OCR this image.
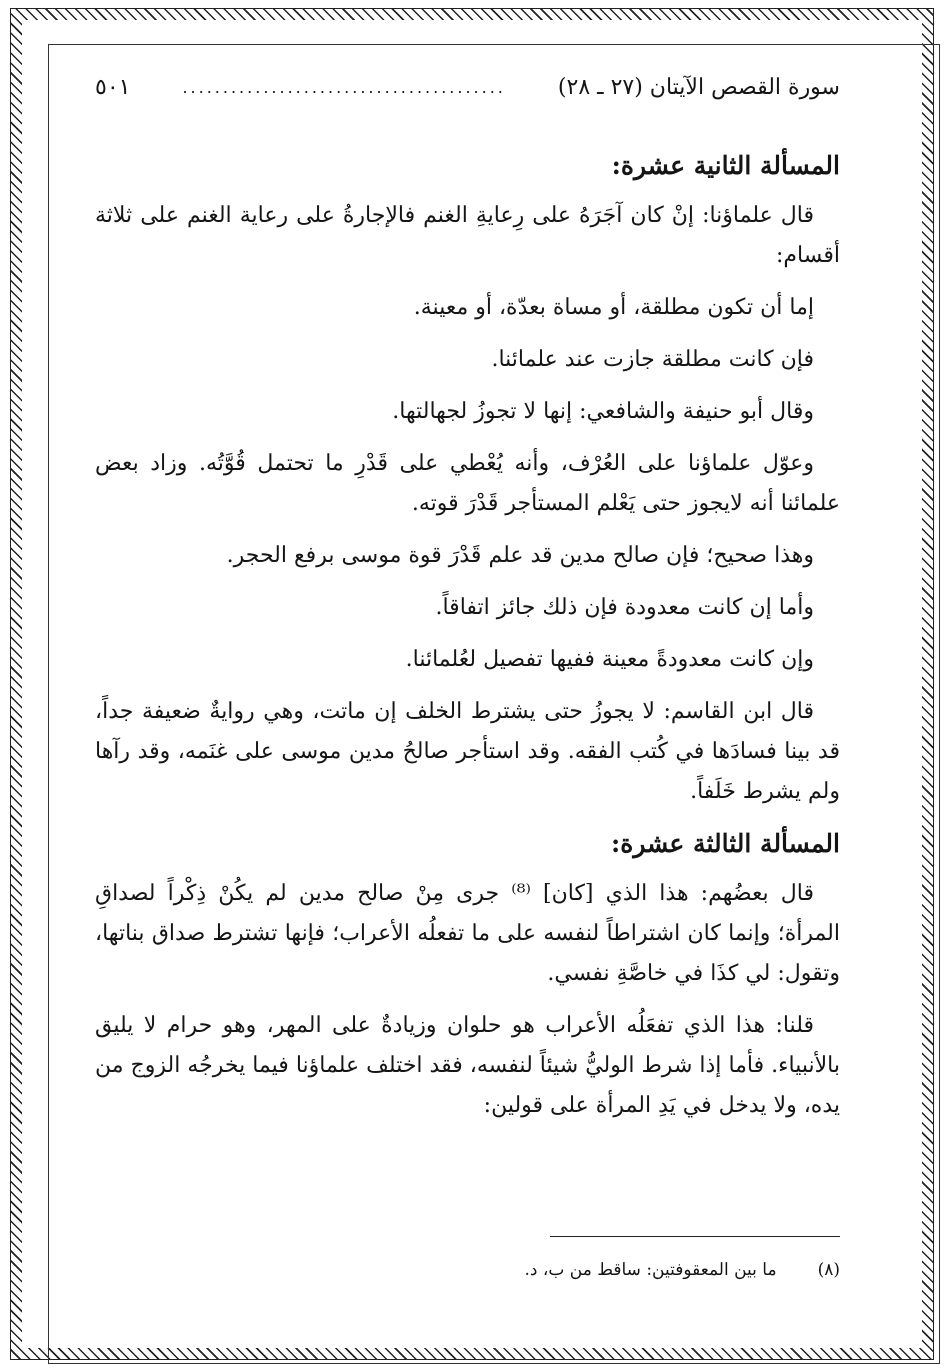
سورة القصص الآيتان (٢٧ ـ ٢٨)
........................................
٥٠١
المسألة الثانية عشرة:

قال علماؤنا: إنْ كان آجَرَهُ على رِعايةِ الغنم فالإجارةُ على رعاية الغنم على ثلاثة أقسام:

إما أن تكون مطلقة، أو مساة بعدّة، أو معينة.

فإن كانت مطلقة جازت عند علمائنا.

وقال أبو حنيفة والشافعي: إنها لا تجوزُ لجهالتها.

وعوّل علماؤنا على العُرْف، وأنه يُعْطي على قَدْرِ ما تحتمل قُوَّتُه. وزاد بعض علمائنا أنه لايجوز حتى يَعْلم المستأجر قَدْرَ قوته.

وهذا صحيح؛ فإن صالح مدين قد علم قَدْرَ قوة موسى برفع الحجر.

وأما إن كانت معدودة فإن ذلك جائز اتفاقاً.

وإن كانت معدودةً معينة ففيها تفصيل لعُلمائنا.

قال ابن القاسم: لا يجوزُ حتى يشترط الخلف إن ماتت، وهي روايةٌ ضعيفة جداً، قد بينا فسادَها في كُتب الفقه. وقد استأجر صالحُ مدين موسى على غنَمه، وقد رآها ولم يشرط خَلَفاً.

المسألة الثالثة عشرة:

قال بعضُهم: هذا الذي [كان] ⁽⁸⁾ جرى مِنْ صالح مدين لم يكُنْ ذِكْراً لصداقِ المرأة؛ وإنما كان اشتراطاً لنفسه على ما تفعلُه الأعراب؛ فإنها تشترط صداق بناتها، وتقول: لي كذَا في خاصَّةِ نفسي.

قلنا: هذا الذي تفعَلُه الأعراب هو حلوان وزيادةٌ على المهر، وهو حرام لا يليق بالأنبياء. فأما إذا شرط الوليُّ شيئاً لنفسه، فقد اختلف علماؤنا فيما يخرجُه الزوج من يده، ولا يدخل في يَدِ المرأة على قولين:

(٨) ما بين المعقوفتين: ساقط من ب، د.
